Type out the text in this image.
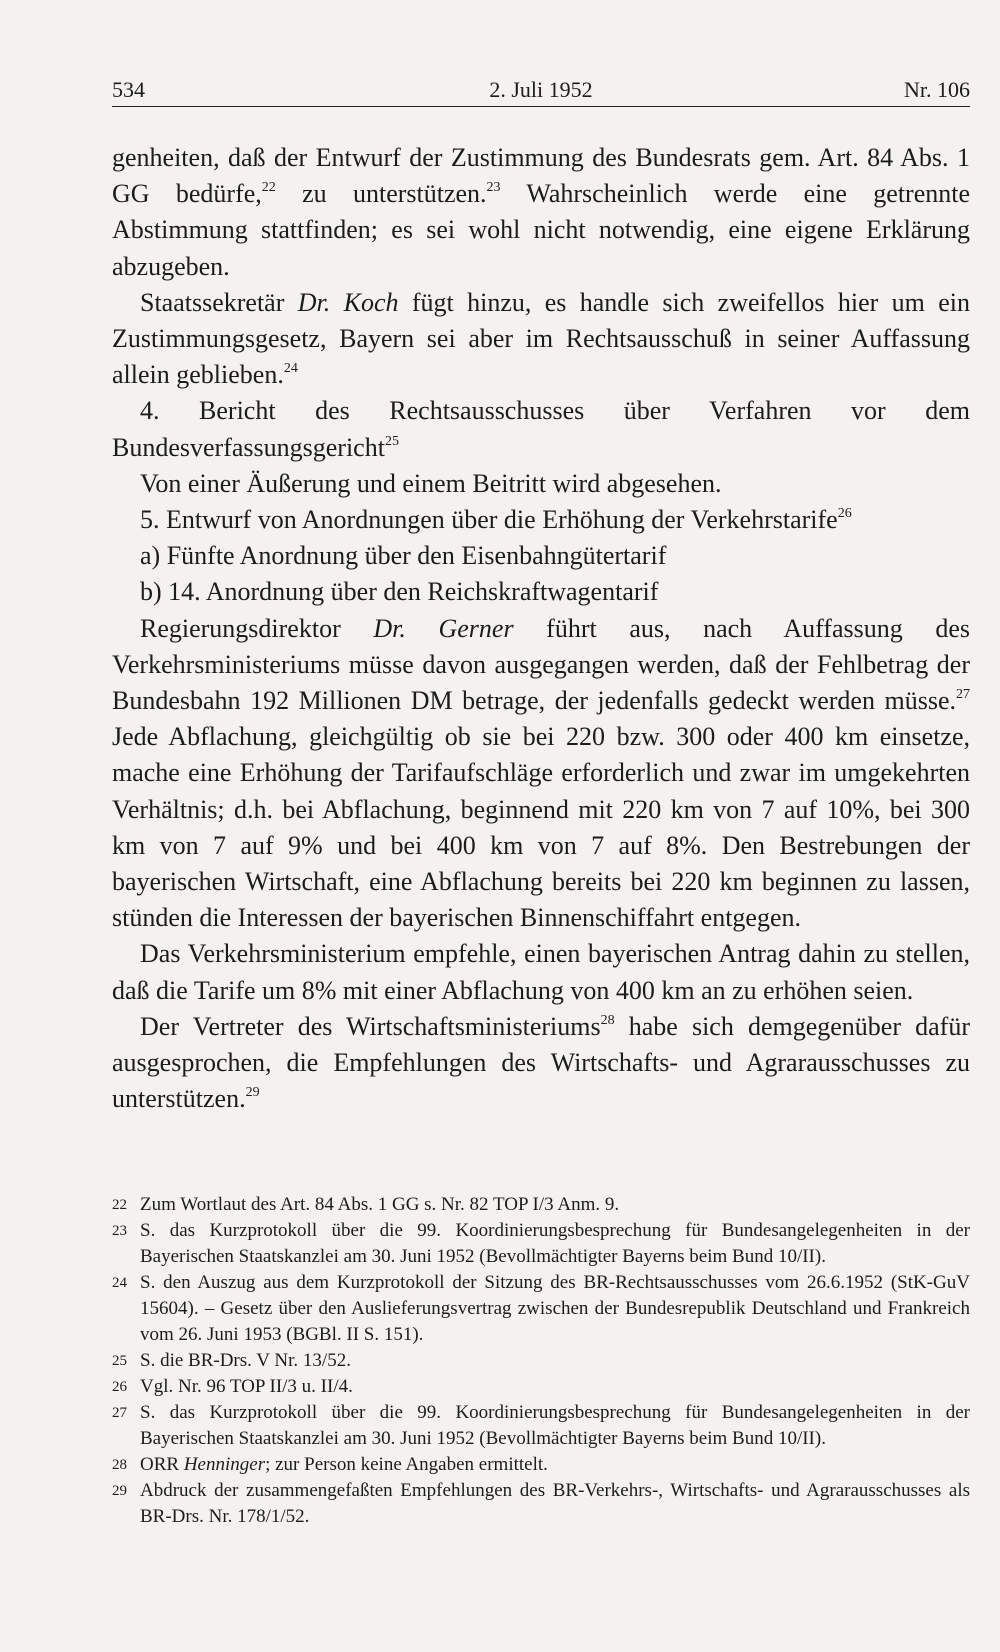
534	2. Juli 1952	Nr. 106

genheiten, daß der Entwurf der Zustimmung des Bundesrats gem. Art. 84 Abs. 1 GG bedürfe,$^{22}$ zu unterstützen.$^{23}$ Wahrscheinlich werde eine getrennte Abstimmung stattfinden; es sei wohl nicht notwendig, eine eigene Erklärung abzugeben.

Staatssekretär Dr. Koch fügt hinzu, es handle sich zweifellos hier um ein Zustimmungsgesetz, Bayern sei aber im Rechtsausschuß in seiner Auffassung allein geblieben.$^{24}$

4. Bericht des Rechtsausschusses über Verfahren vor dem Bundesverfassungsgericht$^{25}$

Von einer Äußerung und einem Beitritt wird abgesehen.

5. Entwurf von Anordnungen über die Erhöhung der Verkehrstarife$^{26}$

a) Fünfte Anordnung über den Eisenbahngütertarif

b) 14. Anordnung über den Reichskraftwagentarif

Regierungsdirektor Dr. Gerner führt aus, nach Auffassung des Verkehrsministeriums müsse davon ausgegangen werden, daß der Fehlbetrag der Bundesbahn 192 Millionen DM betrage, der jedenfalls gedeckt werden müsse.$^{27}$ Jede Abflachung, gleichgültig ob sie bei 220 bzw. 300 oder 400 km einsetze, mache eine Erhöhung der Tarifaufschläge erforderlich und zwar im umgekehrten Verhältnis; d.h. bei Abflachung, beginnend mit 220 km von 7 auf 10%, bei 300 km von 7 auf 9% und bei 400 km von 7 auf 8%. Den Bestrebungen der bayerischen Wirtschaft, eine Abflachung bereits bei 220 km beginnen zu lassen, stünden die Interessen der bayerischen Binnenschiffahrt entgegen.

Das Verkehrsministerium empfehle, einen bayerischen Antrag dahin zu stellen, daß die Tarife um 8% mit einer Abflachung von 400 km an zu erhöhen seien.

Der Vertreter des Wirtschaftsministeriums$^{28}$ habe sich demgegenüber dafür ausgesprochen, die Empfehlungen des Wirtschafts- und Agrarausschusses zu unterstützen.$^{29}$

22 Zum Wortlaut des Art. 84 Abs. 1 GG s. Nr. 82 TOP I/3 Anm. 9.
23 S. das Kurzprotokoll über die 99. Koordinierungsbesprechung für Bundesangelegenheiten in der Bayerischen Staatskanzlei am 30. Juni 1952 (Bevollmächtigter Bayerns beim Bund 10/II).
24 S. den Auszug aus dem Kurzprotokoll der Sitzung des BR-Rechtsausschusses vom 26.6.1952 (StK-GuV 15604). – Gesetz über den Auslieferungsvertrag zwischen der Bundesrepublik Deutschland und Frankreich vom 26. Juni 1953 (BGBl. II S. 151).
25 S. die BR-Drs. V Nr. 13/52.
26 Vgl. Nr. 96 TOP II/3 u. II/4.
27 S. das Kurzprotokoll über die 99. Koordinierungsbesprechung für Bundesangelegenheiten in der Bayerischen Staatskanzlei am 30. Juni 1952 (Bevollmächtigter Bayerns beim Bund 10/II).
28 ORR Henninger; zur Person keine Angaben ermittelt.
29 Abdruck der zusammengefaßten Empfehlungen des BR-Verkehrs-, Wirtschafts- und Agrarausschusses als BR-Drs. Nr. 178/1/52.
